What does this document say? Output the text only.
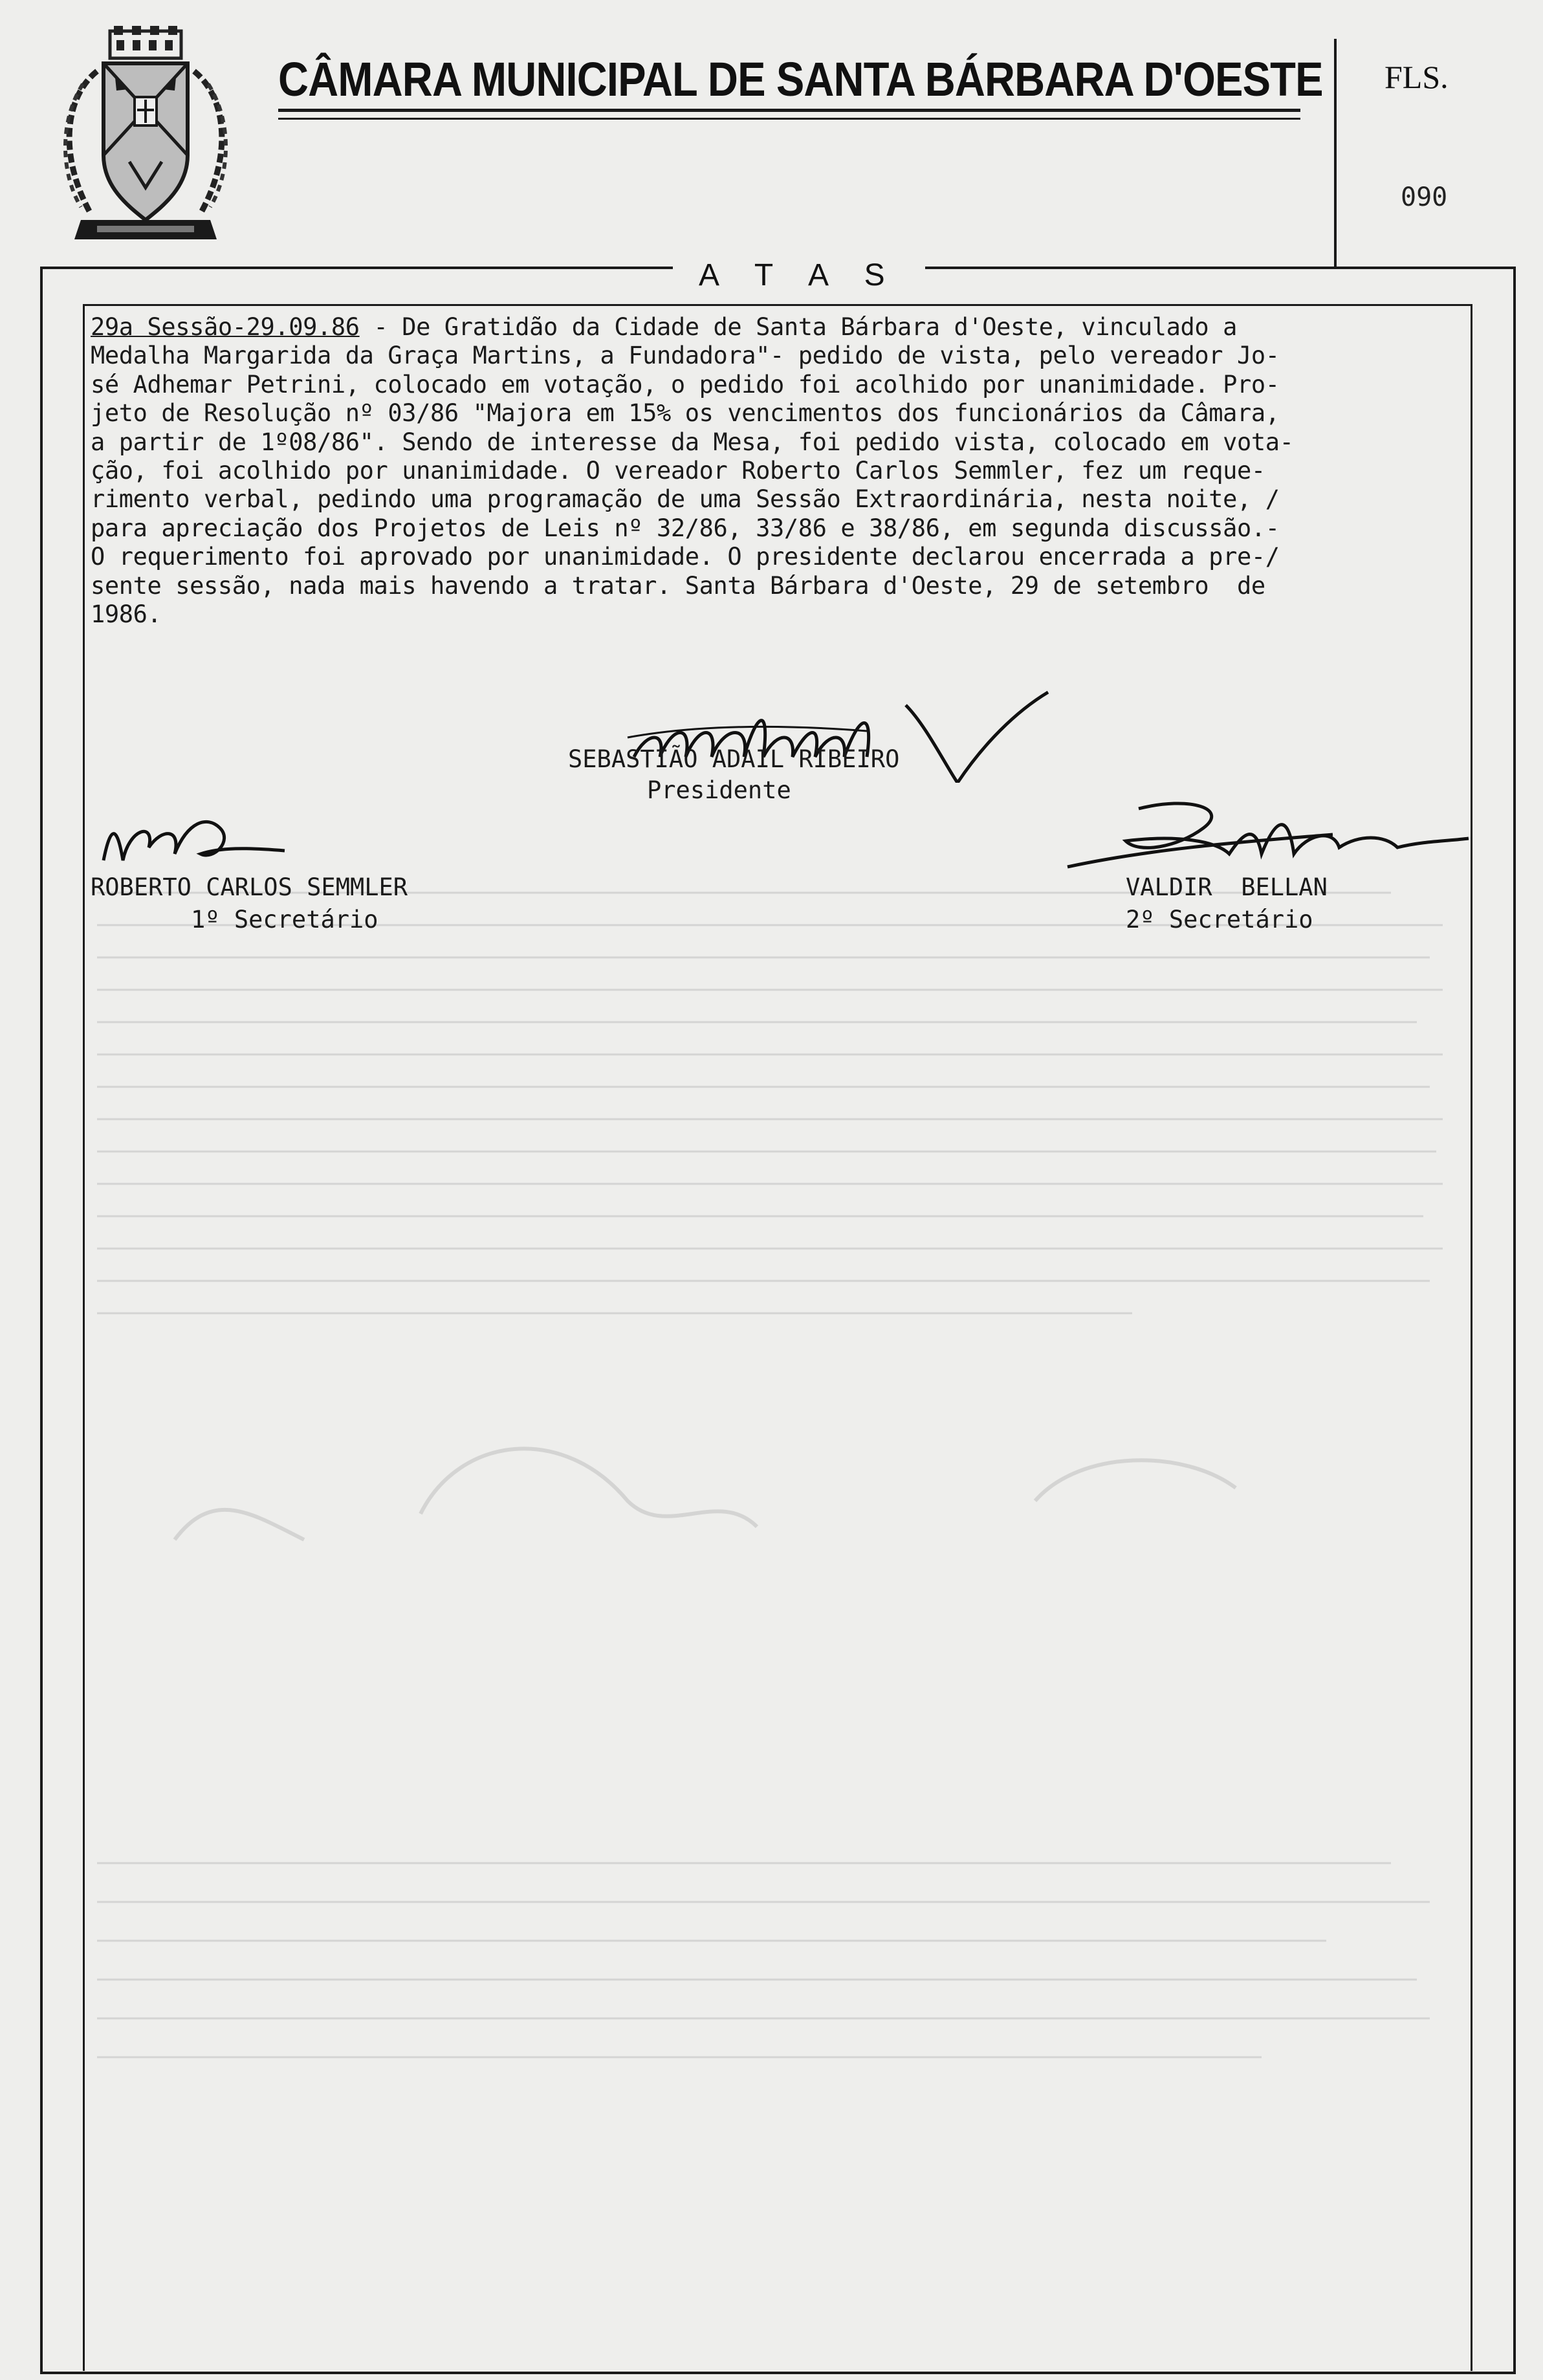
CÂMARA MUNICIPAL DE SANTA BÁRBARA D'OESTE FLS.
090
A T A S
29a Sessão-29.09.86 - De Gratidão da Cidade de Santa Bárbara d'Oeste, vinculado a
Medalha Margarida da Graça Martins, a Fundadora"- pedido de vista, pelo vereador Jo-
sé Adhemar Petrini, colocado em votação, o pedido foi acolhido por unanimidade. Pro-
jeto de Resolução nº 03/86 "Majora em 15% os vencimentos dos funcionários da Câmara,
a partir de 1º08/86". Sendo de interesse da Mesa, foi pedido vista, colocado em vota-
ção, foi acolhido por unanimidade. O vereador Roberto Carlos Semmler, fez um reque-
rimento verbal, pedindo uma programação de uma Sessão Extraordinária, nesta noite, /
para apreciação dos Projetos de Leis nº 32/86, 33/86 e 38/86, em segunda discussão.-
O requerimento foi aprovado por unanimidade. O presidente declarou encerrada a pre-/
sente sessão, nada mais havendo a tratar. Santa Bárbara d'Oeste, 29 de setembro  de
1986.
SEBASTIÃO ADAIL RIBEIRO
Presidente
ROBERTO CARLOS SEMMLER
1º Secretário
VALDIR  BELLAN
2º Secretário
